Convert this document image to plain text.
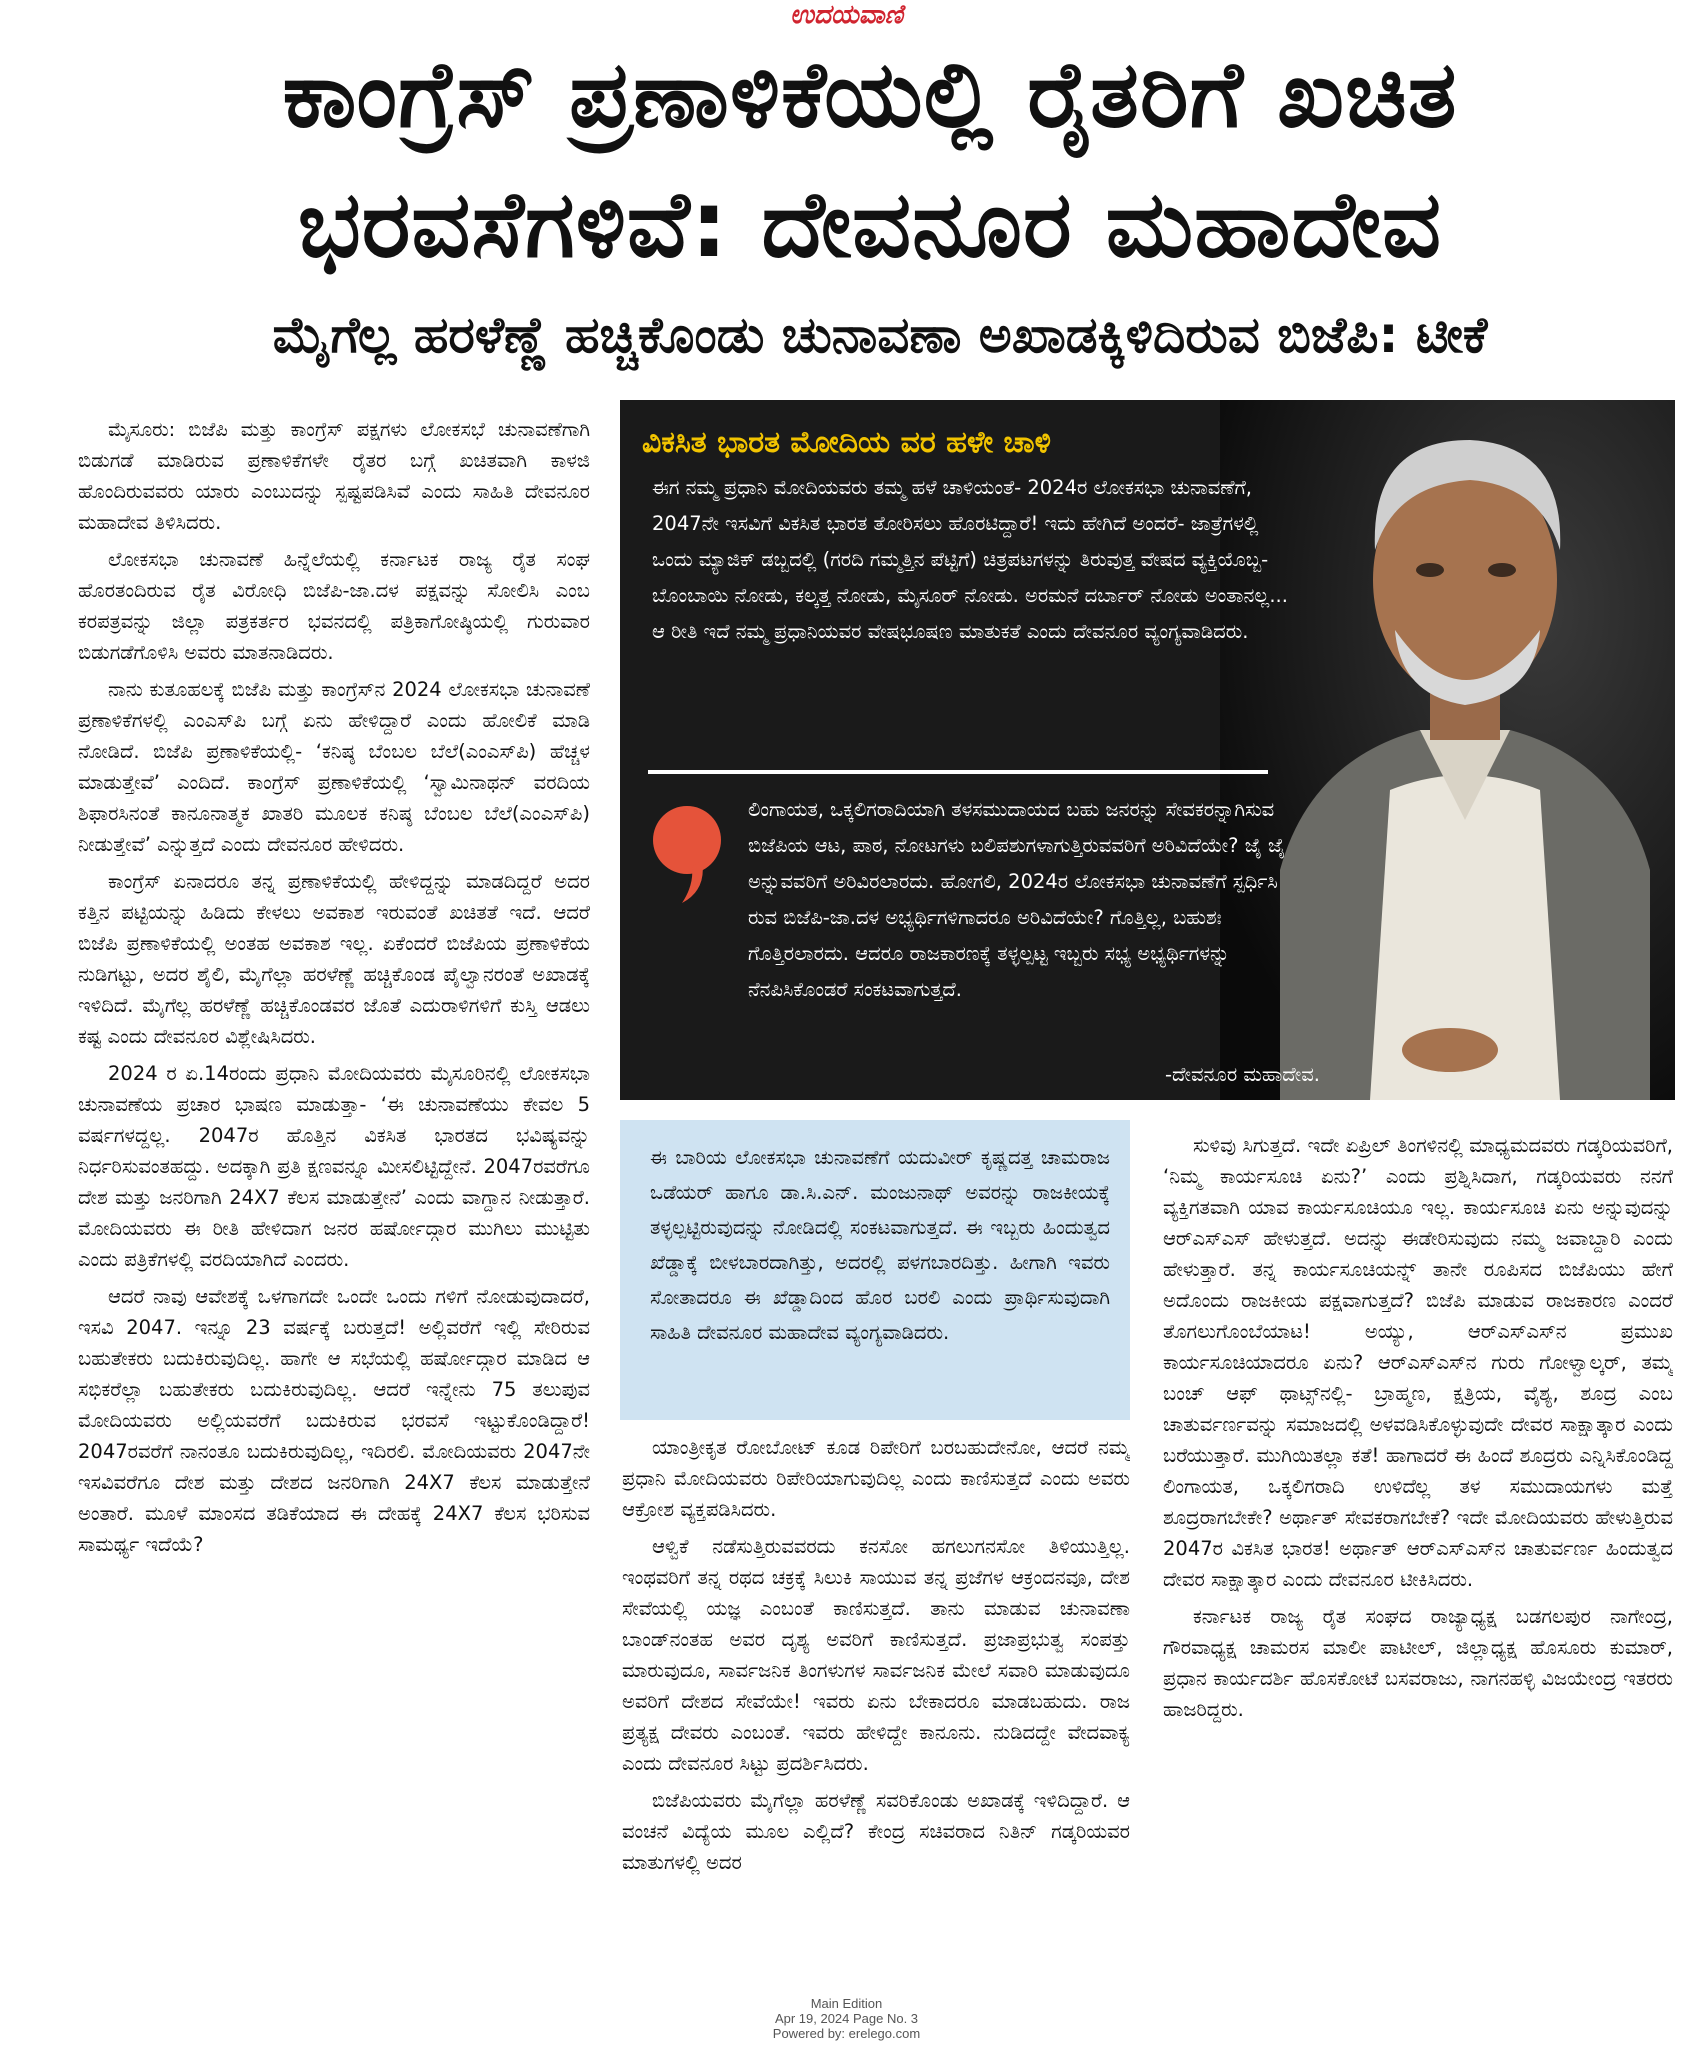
ಉದಯವಾಣಿ
ಕಾಂಗ್ರೆಸ್ ಪ್ರಣಾಳಿಕೆಯಲ್ಲಿ ರೈತರಿಗೆ ಖಚಿತ
ಭರವಸೆಗಳಿವೆ: ದೇವನೂರ ಮಹಾದೇವ
ಮೈಗೆಲ್ಲ ಹರಳೆಣ್ಣೆ ಹಚ್ಚಿಕೊಂಡು ಚುನಾವಣಾ ಅಖಾಡಕ್ಕಿಳಿದಿರುವ ಬಿಜೆಪಿ: ಟೀಕೆ

ಮೈಸೂರು: ಬಿಜೆಪಿ ಮತ್ತು ಕಾಂಗ್ರೆಸ್ ಪಕ್ಷಗಳು ಲೋಕಸಭೆ ಚುನಾವಣೆಗಾಗಿ ಬಿಡುಗಡೆ ಮಾಡಿರುವ ಪ್ರಣಾಳಿಕೆಗಳೇ ರೈತರ ಬಗ್ಗೆ ಖಚಿತವಾಗಿ ಕಾಳಜಿ ಹೊಂದಿರುವವರು ಯಾರು ಎಂಬುದನ್ನು ಸ್ಪಷ್ಟಪಡಿಸಿವೆ ಎಂದು ಸಾಹಿತಿ ದೇವನೂರ ಮಹಾದೇವ ತಿಳಿಸಿದರು.

ಲೋಕಸಭಾ ಚುನಾವಣೆ ಹಿನ್ನೆಲೆಯಲ್ಲಿ ಕರ್ನಾಟಕ ರಾಜ್ಯ ರೈತ ಸಂಘ ಹೊರತಂದಿರುವ ರೈತ ವಿರೋಧಿ ಬಿಜೆಪಿ-ಜಾ.ದಳ ಪಕ್ಷವನ್ನು ಸೋಲಿಸಿ ಎಂಬ ಕರಪತ್ರವನ್ನು ಜಿಲ್ಲಾ ಪತ್ರಕರ್ತರ ಭವನದಲ್ಲಿ ಪತ್ರಿಕಾಗೋಷ್ಠಿಯಲ್ಲಿ ಗುರುವಾರ ಬಿಡುಗಡೆಗೊಳಿಸಿ ಅವರು ಮಾತನಾಡಿದರು.

ನಾನು ಕುತೂಹಲಕ್ಕೆ ಬಿಜೆಪಿ ಮತ್ತು ಕಾಂಗ್ರೆಸ್‌ನ 2024 ಲೋಕಸಭಾ ಚುನಾವಣೆ ಪ್ರಣಾಳಿಕೆಗಳಲ್ಲಿ ಎಂಎಸ್‌ಪಿ ಬಗ್ಗೆ ಏನು ಹೇಳಿದ್ದಾರೆ ಎಂದು ಹೋಲಿಕೆ ಮಾಡಿ ನೋಡಿದೆ. ಬಿಜೆಪಿ ಪ್ರಣಾಳಿಕೆಯಲ್ಲಿ- ‘ಕನಿಷ್ಠ ಬೆಂಬಲ ಬೆಲೆ(ಎಂಎಸ್‌ಪಿ) ಹೆಚ್ಚಳ ಮಾಡುತ್ತೇವೆ’ ಎಂದಿದೆ. ಕಾಂಗ್ರೆಸ್ ಪ್ರಣಾಳಿಕೆಯಲ್ಲಿ ‘ಸ್ವಾಮಿನಾಥನ್ ವರದಿಯ ಶಿಫಾರಸಿನಂತೆ ಕಾನೂನಾತ್ಮಕ ಖಾತರಿ ಮೂಲಕ ಕನಿಷ್ಠ ಬೆಂಬಲ ಬೆಲೆ(ಎಂಎಸ್‌ಪಿ) ನೀಡುತ್ತೇವೆ’ ಎನ್ನುತ್ತದೆ ಎಂದು ದೇವನೂರ ಹೇಳಿದರು.

ಕಾಂಗ್ರೆಸ್ ಏನಾದರೂ ತನ್ನ ಪ್ರಣಾಳಿಕೆಯಲ್ಲಿ ಹೇಳಿದ್ದನ್ನು ಮಾಡದಿದ್ದರೆ ಅದರ ಕತ್ತಿನ ಪಟ್ಟಿಯನ್ನು ಹಿಡಿದು ಕೇಳಲು ಅವಕಾಶ ಇರುವಂತೆ ಖಚಿತತೆ ಇದೆ. ಆದರೆ ಬಿಜೆಪಿ ಪ್ರಣಾಳಿಕೆಯಲ್ಲಿ ಅಂತಹ ಅವಕಾಶ ಇಲ್ಲ. ಏಕೆಂದರೆ ಬಿಜೆಪಿಯ ಪ್ರಣಾಳಿಕೆಯ ನುಡಿಗಟ್ಟು, ಅದರ ಶೈಲಿ, ಮೈಗೆಲ್ಲಾ ಹರಳೆಣ್ಣೆ ಹಚ್ಚಿಕೊಂಡ ಪೈಲ್ವಾನರಂತೆ ಅಖಾಡಕ್ಕೆ ಇಳಿದಿದೆ. ಮೈಗೆಲ್ಲ ಹರಳೆಣ್ಣೆ ಹಚ್ಚಿಕೊಂಡವರ ಜೊತೆ ಎದುರಾಳಿಗಳಿಗೆ ಕುಸ್ತಿ ಆಡಲು ಕಷ್ಟ ಎಂದು ದೇವನೂರ ವಿಶ್ಲೇಷಿಸಿದರು.

2024 ರ ಏ.14ರಂದು ಪ್ರಧಾನಿ ಮೋದಿಯವರು ಮೈಸೂರಿನಲ್ಲಿ ಲೋಕಸಭಾ ಚುನಾವಣೆಯ ಪ್ರಚಾರ ಭಾಷಣ ಮಾಡುತ್ತಾ- ‘ಈ ಚುನಾವಣೆಯು ಕೇವಲ 5 ವರ್ಷಗಳದ್ದಲ್ಲ. 2047ರ ಹೊತ್ತಿನ ವಿಕಸಿತ ಭಾರತದ ಭವಿಷ್ಯವನ್ನು ನಿರ್ಧರಿಸುವಂತಹದ್ದು. ಅದಕ್ಕಾಗಿ ಪ್ರತಿ ಕ್ಷಣವನ್ನೂ ಮೀಸಲಿಟ್ಟಿದ್ದೇನೆ. 2047ರವರೆಗೂ ದೇಶ ಮತ್ತು ಜನರಿಗಾಗಿ 24X7 ಕೆಲಸ ಮಾಡುತ್ತೇನೆ’ ಎಂದು ವಾಗ್ದಾನ ನೀಡುತ್ತಾರೆ. ಮೋದಿಯವರು ಈ ರೀತಿ ಹೇಳಿದಾಗ ಜನರ ಹರ್ಷೋದ್ಗಾರ ಮುಗಿಲು ಮುಟ್ಟಿತು ಎಂದು ಪತ್ರಿಕೆಗಳಲ್ಲಿ ವರದಿಯಾಗಿದೆ ಎಂದರು.

ಆದರೆ ನಾವು ಆವೇಶಕ್ಕೆ ಒಳಗಾಗದೇ ಒಂದೇ ಒಂದು ಗಳಿಗೆ ನೋಡುವುದಾದರೆ, ಇಸವಿ 2047. ಇನ್ನೂ 23 ವರ್ಷಕ್ಕೆ ಬರುತ್ತದೆ! ಅಲ್ಲಿವರೆಗೆ ಇಲ್ಲಿ ಸೇರಿರುವ ಬಹುತೇಕರು ಬದುಕಿರುವುದಿಲ್ಲ. ಹಾಗೇ ಆ ಸಭೆಯಲ್ಲಿ ಹರ್ಷೋದ್ಗಾರ ಮಾಡಿದ ಆ ಸಭಿಕರೆಲ್ಲಾ ಬಹುತೇಕರು ಬದುಕಿರುವುದಿಲ್ಲ. ಆದರೆ ಇನ್ನೇನು 75 ತಲುಪುವ ಮೋದಿಯವರು ಅಲ್ಲಿಯವರೆಗೆ ಬದುಕಿರುವ ಭರವಸೆ ಇಟ್ಟುಕೊಂಡಿದ್ದಾರೆ! 2047ರವರೆಗೆ ನಾನಂತೂ ಬದುಕಿರುವುದಿಲ್ಲ, ಇದಿರಲಿ. ಮೋದಿಯವರು 2047ನೇ ಇಸವಿವರೆಗೂ ದೇಶ ಮತ್ತು ದೇಶದ ಜನರಿಗಾಗಿ 24X7 ಕೆಲಸ ಮಾಡುತ್ತೇನೆ ಅಂತಾರೆ. ಮೂಳೆ ಮಾಂಸದ ತಡಿಕೆಯಾದ ಈ ದೇಹಕ್ಕೆ 24X7 ಕೆಲಸ ಭರಿಸುವ ಸಾಮರ್ಥ್ಯ ಇದೆಯೆ?

ವಿಕಸಿತ ಭಾರತ ಮೋದಿಯ ವರ ಹಳೇ ಚಾಳಿ
ಈಗ ನಮ್ಮ ಪ್ರಧಾನಿ ಮೋದಿಯವರು ತಮ್ಮ ಹಳೆ ಚಾಳಿಯಂತೆ- 2024ರ ಲೋಕಸಭಾ ಚುನಾವಣೆಗೆ, 2047ನೇ ಇಸವಿಗೆ ವಿಕಸಿತ ಭಾರತ ತೋರಿಸಲು ಹೊರಟಿದ್ದಾರೆ! ಇದು ಹೇಗಿದೆ ಅಂದರೆ- ಜಾತ್ರೆಗಳಲ್ಲಿ ಒಂದು ಮ್ಯಾಜಿಕ್ ಡಬ್ಬದಲ್ಲಿ (ಗರದಿ ಗಮ್ಮತ್ತಿನ ಪೆಟ್ಟಿಗೆ) ಚಿತ್ರಪಟಗಳನ್ನು ತಿರುವುತ್ತ ವೇಷದ ವ್ಯಕ್ತಿಯೊಬ್ಬ- ಬೊಂಬಾಯಿ ನೋಡು, ಕಲ್ಕತ್ತ ನೋಡು, ಮೈಸೂರ್ ನೋಡು. ಅರಮನೆ ದರ್ಬಾರ್ ನೋಡು ಅಂತಾನಲ್ಲ... ಆ ರೀತಿ ಇದೆ ನಮ್ಮ ಪ್ರಧಾನಿಯವರ ವೇಷಭೂಷಣ ಮಾತುಕತೆ ಎಂದು ದೇವನೂರ ವ್ಯಂಗ್ಯವಾಡಿದರು.
ಲಿಂಗಾಯತ, ಒಕ್ಕಲಿಗರಾದಿಯಾಗಿ ತಳಸಮುದಾಯದ ಬಹು ಜನರನ್ನು ಸೇವಕರನ್ನಾಗಿಸುವ ಬಿಜೆಪಿಯ ಆಟ, ಪಾಠ, ನೋಟಗಳು ಬಲಿಪಶುಗಳಾಗುತ್ತಿರುವವರಿಗೆ ಅರಿವಿದೆಯೇ? ಜೈ ಜೈ ಅನ್ನುವವರಿಗೆ ಅರಿವಿರಲಾರದು. ಹೋಗಲಿ, 2024ರ ಲೋಕಸಭಾ ಚುನಾವಣೆಗೆ ಸ್ಪರ್ಧಿಸಿ ರುವ ಬಿಜೆಪಿ-ಜಾ.ದಳ ಅಭ್ಯರ್ಥಿಗಳಿಗಾದರೂ ಅರಿವಿದೆಯೇ? ಗೊತ್ತಿಲ್ಲ, ಬಹುಶಃ ಗೊತ್ತಿರಲಾರದು. ಆದರೂ ರಾಜಕಾರಣಕ್ಕೆ ತಳ್ಳಲ್ಪಟ್ಟ ಇಬ್ಬರು ಸಭ್ಯ ಅಭ್ಯರ್ಥಿಗಳನ್ನು ನೆನಪಿಸಿಕೊಂಡರೆ ಸಂಕಟವಾಗುತ್ತದೆ.
-ದೇವನೂರ ಮಹಾದೇವ.
ಈ ಬಾರಿಯ ಲೋಕಸಭಾ ಚುನಾವಣೆಗೆ ಯದುವೀರ್ ಕೃಷ್ಣದತ್ತ ಚಾಮರಾಜ ಒಡೆಯರ್ ಹಾಗೂ ಡಾ.ಸಿ.ಎನ್. ಮಂಜುನಾಥ್ ಅವರನ್ನು ರಾಜಕೀಯಕ್ಕೆ ತಳ್ಳಲ್ಪಟ್ಟಿರುವುದನ್ನು ನೋಡಿದಲ್ಲಿ ಸಂಕಟವಾಗುತ್ತದೆ. ಈ ಇಬ್ಬರು ಹಿಂದುತ್ವದ ಖೆಡ್ಡಾಕ್ಕೆ ಬೀಳಬಾರದಾಗಿತ್ತು, ಅದರಲ್ಲಿ ಪಳಗಬಾರದಿತ್ತು. ಹೀಗಾಗಿ ಇವರು ಸೋತಾದರೂ ಈ ಖೆಡ್ಡಾದಿಂದ ಹೊರ ಬರಲಿ ಎಂದು ಪ್ರಾರ್ಥಿಸುವುದಾಗಿ ಸಾಹಿತಿ ದೇವನೂರ ಮಹಾದೇವ ವ್ಯಂಗ್ಯವಾಡಿದರು.

ಯಾಂತ್ರೀಕೃತ ರೋಬೋಟ್ ಕೂಡ ರಿಪೇರಿಗೆ ಬರಬಹುದೇನೋ, ಆದರೆ ನಮ್ಮ ಪ್ರಧಾನಿ ಮೋದಿಯವರು ರಿಪೇರಿಯಾಗುವುದಿಲ್ಲ ಎಂದು ಕಾಣಿಸುತ್ತದೆ ಎಂದು ಅವರು ಆಕ್ರೋಶ ವ್ಯಕ್ತಪಡಿಸಿದರು.

ಆಳ್ವಿಕೆ ನಡೆಸುತ್ತಿರುವವರದು ಕನಸೋ ಹಗಲುಗನಸೋ ತಿಳಿಯುತ್ತಿಲ್ಲ. ಇಂಥವರಿಗೆ ತನ್ನ ರಥದ ಚಕ್ರಕ್ಕೆ ಸಿಲುಕಿ ಸಾಯುವ ತನ್ನ ಪ್ರಜೆಗಳ ಆಕ್ರಂದನವೂ, ದೇಶ ಸೇವೆಯಲ್ಲಿ ಯಜ್ಞ ಎಂಬಂತೆ ಕಾಣಿಸುತ್ತದೆ. ತಾನು ಮಾಡುವ ಚುನಾವಣಾ ಬಾಂಡ್‌ನಂತಹ ಅವರ ದೃಶ್ಯ ಅವರಿಗೆ ಕಾಣಿಸುತ್ತದೆ. ಪ್ರಜಾಪ್ರಭುತ್ವ ಸಂಪತ್ತು ಮಾರುವುದೂ, ಸಾರ್ವಜನಿಕ ತಿಂಗಳುಗಳ ಸಾರ್ವಜನಿಕ ಮೇಲೆ ಸವಾರಿ ಮಾಡುವುದೂ ಅವರಿಗೆ ದೇಶದ ಸೇವೆಯೇ! ಇವರು ಏನು ಬೇಕಾದರೂ ಮಾಡಬಹುದು. ರಾಜ ಪ್ರತ್ಯಕ್ಷ ದೇವರು ಎಂಬಂತೆ. ಇವರು ಹೇಳಿದ್ದೇ ಕಾನೂನು. ನುಡಿದದ್ದೇ ವೇದವಾಕ್ಯ ಎಂದು ದೇವನೂರ ಸಿಟ್ಟು ಪ್ರದರ್ಶಿಸಿದರು.

ಬಿಜೆಪಿಯವರು ಮೈಗೆಲ್ಲಾ ಹರಳೆಣ್ಣೆ ಸವರಿಕೊಂಡು ಅಖಾಡಕ್ಕೆ ಇಳಿದಿದ್ದಾರೆ. ಆ ವಂಚನೆ ವಿದ್ಯೆಯ ಮೂಲ ಎಲ್ಲಿದೆ? ಕೇಂದ್ರ ಸಚಿವರಾದ ನಿತಿನ್ ಗಡ್ಕರಿಯವರ ಮಾತುಗಳಲ್ಲಿ ಅದರ

ಸುಳಿವು ಸಿಗುತ್ತದೆ. ಇದೇ ಏಪ್ರಿಲ್ ತಿಂಗಳಿನಲ್ಲಿ ಮಾಧ್ಯಮದವರು ಗಡ್ಕರಿಯವರಿಗೆ, ‘ನಿಮ್ಮ ಕಾರ್ಯಸೂಚಿ ಏನು?’ ಎಂದು ಪ್ರಶ್ನಿಸಿದಾಗ, ಗಡ್ಕರಿಯವರು ನನಗೆ ವ್ಯಕ್ತಿಗತವಾಗಿ ಯಾವ ಕಾರ್ಯಸೂಚಿಯೂ ಇಲ್ಲ. ಕಾರ್ಯಸೂಚಿ ಏನು ಅನ್ನುವುದನ್ನು ಆರ್‌ಎಸ್‌ಎಸ್ ಹೇಳುತ್ತದೆ. ಅದನ್ನು ಈಡೇರಿಸುವುದು ನಮ್ಮ ಜವಾಬ್ದಾರಿ ಎಂದು ಹೇಳುತ್ತಾರೆ. ತನ್ನ ಕಾರ್ಯಸೂಚಿಯನ್ನ್ ತಾನೇ ರೂಪಿಸದ ಬಿಜೆಪಿಯು ಹೇಗೆ ಅದೊಂದು ರಾಜಕೀಯ ಪಕ್ಷವಾಗುತ್ತದೆ? ಬಿಜೆಪಿ ಮಾಡುವ ರಾಜಕಾರಣ ಎಂದರೆ ತೊಗಲುಗೊಂಬೆಯಾಟ! ಅಯ್ಯು, ಆರ್‌ಎಸ್‌ಎಸ್‌ನ ಪ್ರಮುಖ ಕಾರ್ಯಸೂಚಿಯಾದರೂ ಏನು? ಆರ್‌ಎಸ್‌ಎಸ್‌ನ ಗುರು ಗೋಳ್ವಾಲ್ಕರ್, ತಮ್ಮ ಬಂಚ್ ಆಫ್ ಥಾಟ್ಸ್‌ನಲ್ಲಿ- ಬ್ರಾಹ್ಮಣ, ಕ್ಷತ್ರಿಯ, ವೈಶ್ಯ, ಶೂದ್ರ ಎಂಬ ಚಾತುರ್ವರ್ಣವನ್ನು ಸಮಾಜದಲ್ಲಿ ಅಳವಡಿಸಿಕೊಳ್ಳುವುದೇ ದೇವರ ಸಾಕ್ಷಾತ್ಕಾರ ಎಂದು ಬರೆಯುತ್ತಾರೆ. ಮುಗಿಯಿತಲ್ಲಾ ಕತೆ! ಹಾಗಾದರೆ ಈ ಹಿಂದೆ ಶೂದ್ರರು ಎನ್ನಿಸಿಕೊಂಡಿದ್ದ ಲಿಂಗಾಯತ, ಒಕ್ಕಲಿಗರಾದಿ ಉಳಿದೆಲ್ಲ ತಳ ಸಮುದಾಯಗಳು ಮತ್ತೆ ಶೂದ್ರರಾಗಬೇಕೇ? ಅರ್ಥಾತ್ ಸೇವಕರಾಗಬೇಕೆ? ಇದೇ ಮೋದಿಯವರು ಹೇಳುತ್ತಿರುವ 2047ರ ವಿಕಸಿತ ಭಾರತ! ಅರ್ಥಾತ್ ಆರ್‌ಎಸ್‌ಎಸ್‌ನ ಚಾತುರ್ವರ್ಣ ಹಿಂದುತ್ವದ ದೇವರ ಸಾಕ್ಷಾತ್ಕಾರ ಎಂದು ದೇವನೂರ ಟೀಕಿಸಿದರು.

ಕರ್ನಾಟಕ ರಾಜ್ಯ ರೈತ ಸಂಘದ ರಾಜ್ಯಾಧ್ಯಕ್ಷ ಬಡಗಲಪುರ ನಾಗೇಂದ್ರ, ಗೌರವಾಧ್ಯಕ್ಷ ಚಾಮರಸ ಮಾಲೀ ಪಾಟೀಲ್, ಜಿಲ್ಲಾಧ್ಯಕ್ಷ ಹೊಸೂರು ಕುಮಾರ್, ಪ್ರಧಾನ ಕಾರ್ಯದರ್ಶಿ ಹೊಸಕೋಟೆ ಬಸವರಾಜು, ನಾಗನಹಳ್ಳಿ ವಿಜಯೇಂದ್ರ ಇತರರು ಹಾಜರಿದ್ದರು.

Main Edition
Apr 19, 2024 Page No. 3
Powered by: erelego.com
